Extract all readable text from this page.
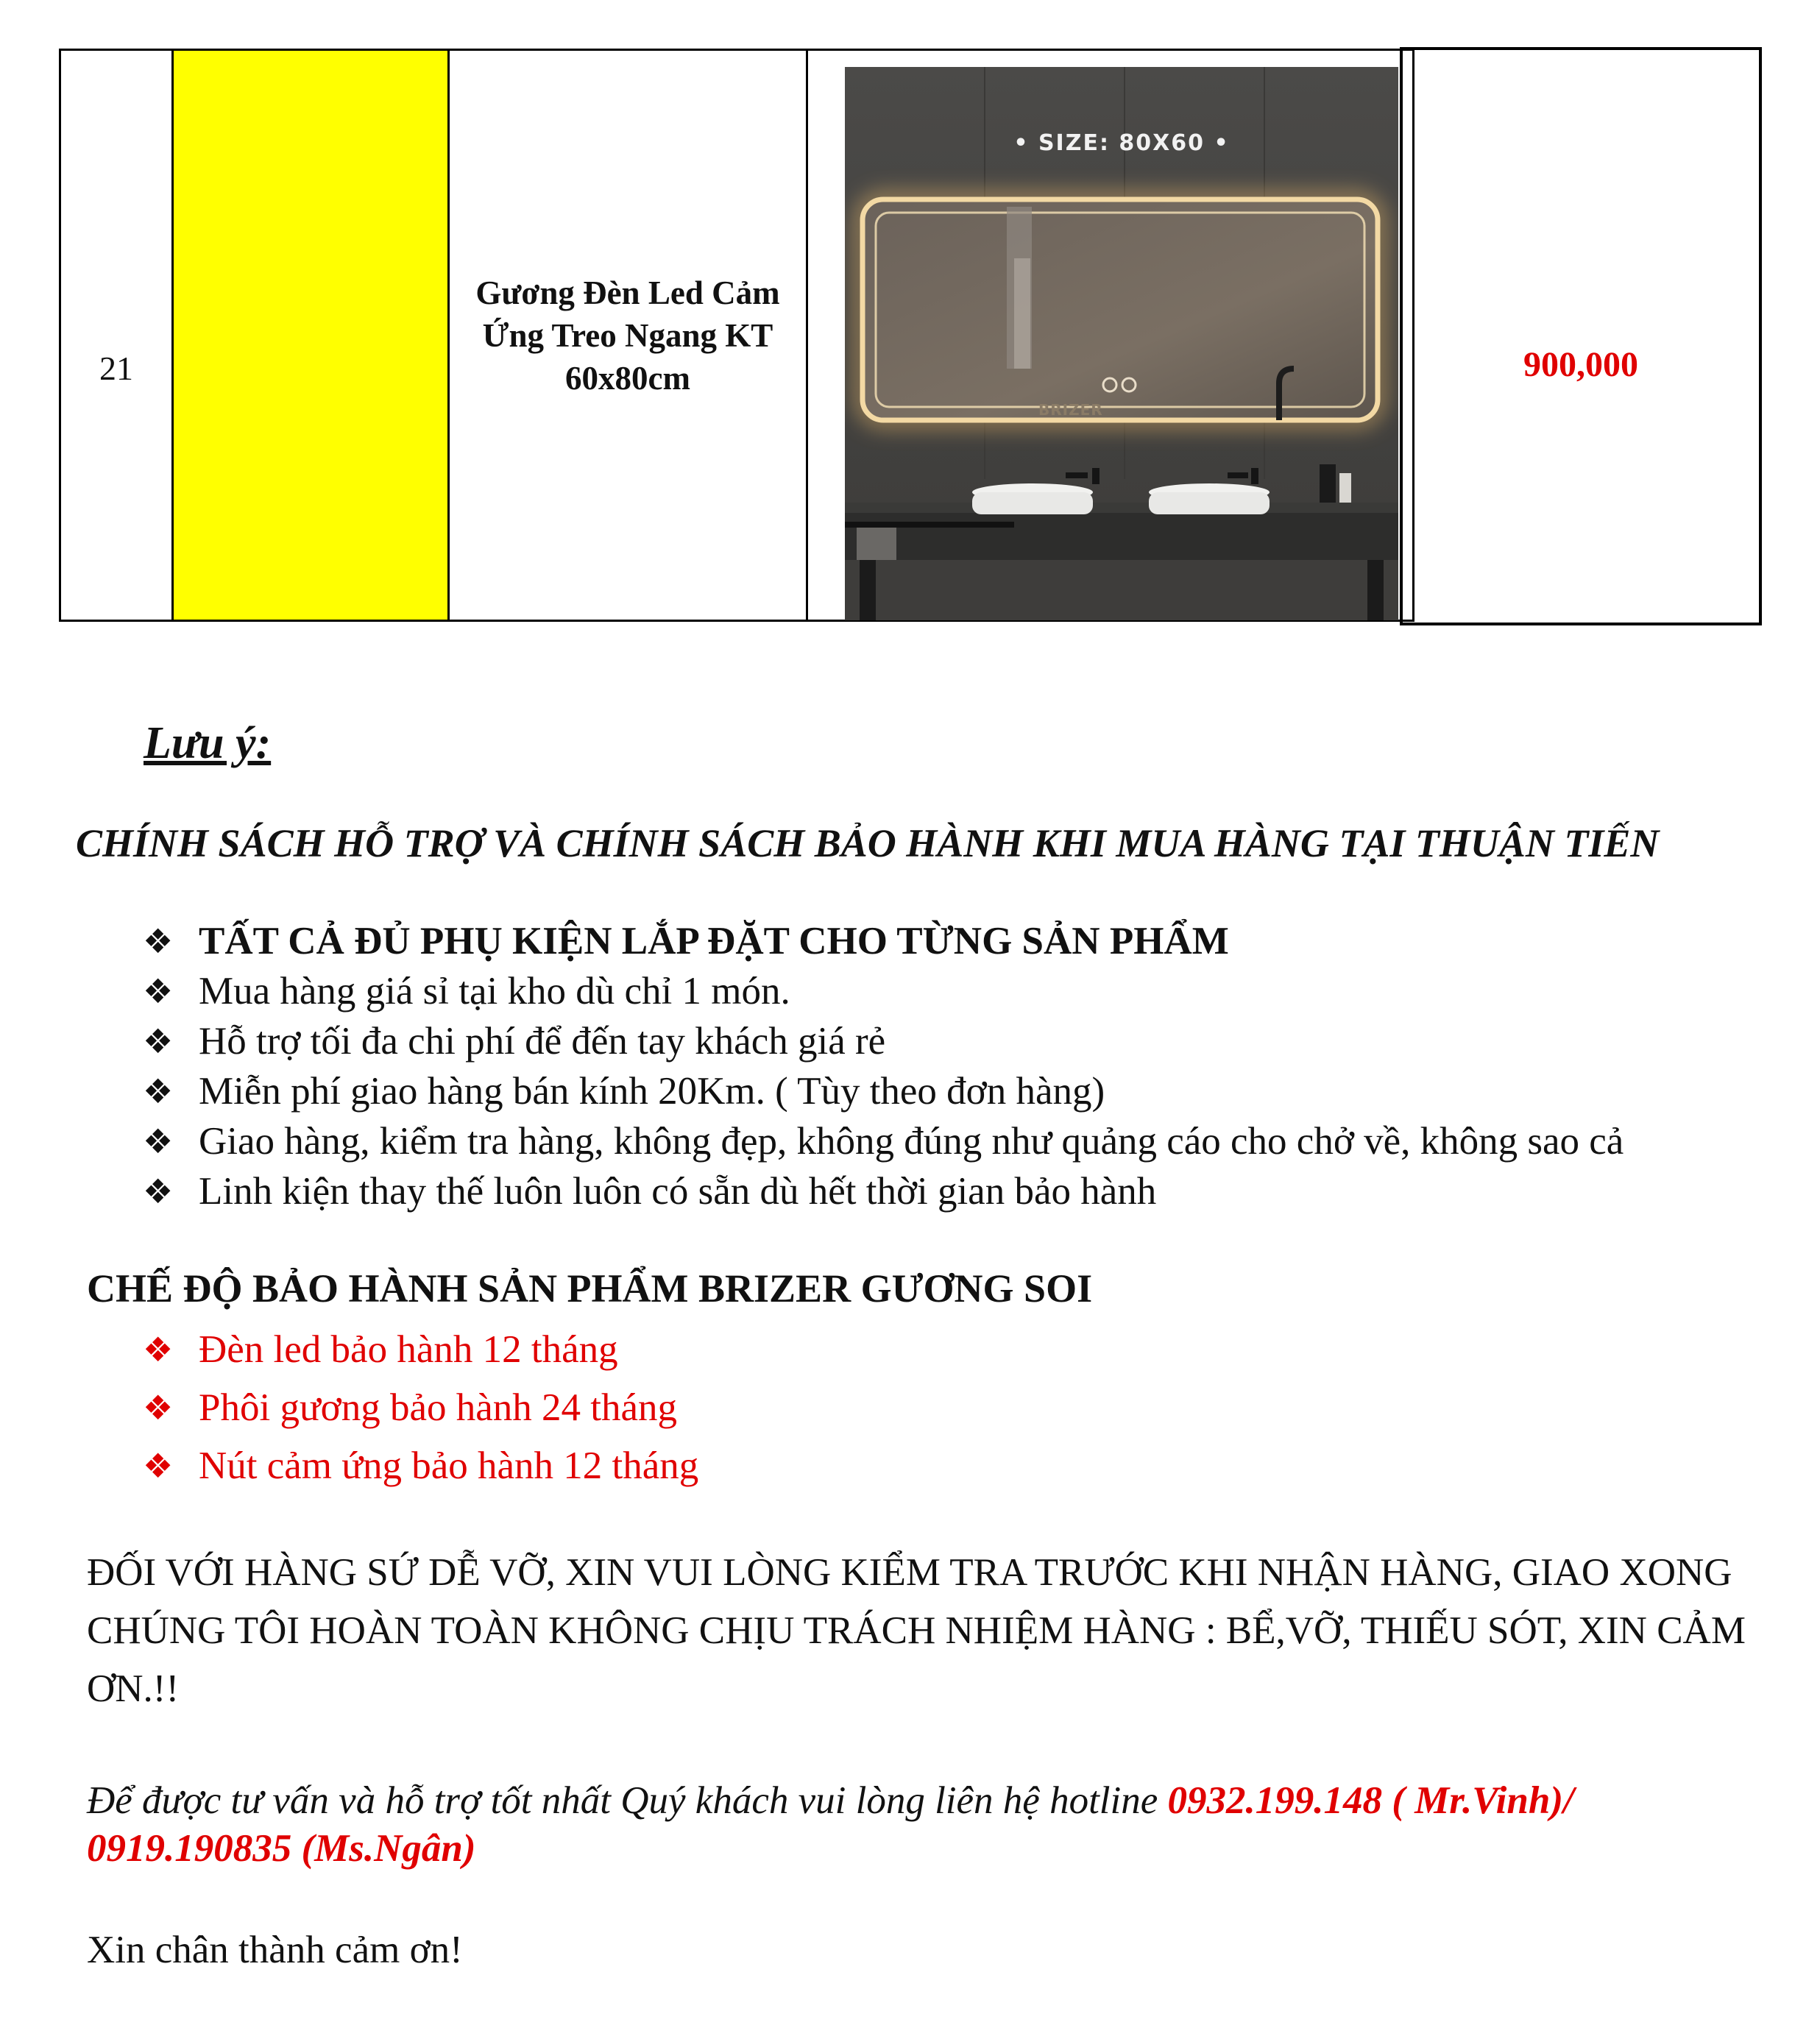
21
Gương Đèn Led Cảm Ứng Treo Ngang KT 60x80cm
• SIZE: 80X60 •
BRIZER
900,000
Lưu ý:
CHÍNH SÁCH HỖ TRỢ VÀ CHÍNH SÁCH BẢO HÀNH KHI MUA HÀNG TẠI THUẬN TIẾN
❖ TẤT CẢ ĐỦ PHỤ KIỆN LẮP ĐẶT CHO TỪNG SẢN PHẨM
❖ Mua hàng giá sỉ tại kho dù chỉ 1 món.
❖ Hỗ trợ tối đa chi phí để đến tay khách giá rẻ
❖ Miễn phí giao hàng bán kính 20Km. ( Tùy theo đơn hàng)
❖ Giao hàng, kiểm tra hàng, không đẹp, không đúng như quảng cáo cho chở về, không sao cả
❖ Linh kiện thay thế luôn luôn có sẵn dù hết thời gian bảo hành
CHẾ ĐỘ BẢO HÀNH SẢN PHẨM BRIZER GƯƠNG SOI
❖ Đèn led bảo hành 12 tháng
❖ Phôi gương bảo hành 24 tháng
❖ Nút cảm ứng bảo hành 12 tháng
ĐỐI VỚI HÀNG SỨ DỄ VỠ, XIN VUI LÒNG KIỂM TRA TRƯỚC KHI NHẬN HÀNG, GIAO XONG CHÚNG TÔI HOÀN TOÀN KHÔNG CHỊU TRÁCH NHIỆM HÀNG : BỂ,VỠ, THIẾU SÓT, XIN CẢM ƠN.!!
Để được tư vấn và hỗ trợ tốt nhất Quý khách vui lòng liên hệ hotline 0932.199.148 ( Mr.Vinh)/
0919.190835 (Ms.Ngân)
Xin chân thành cảm ơn!
